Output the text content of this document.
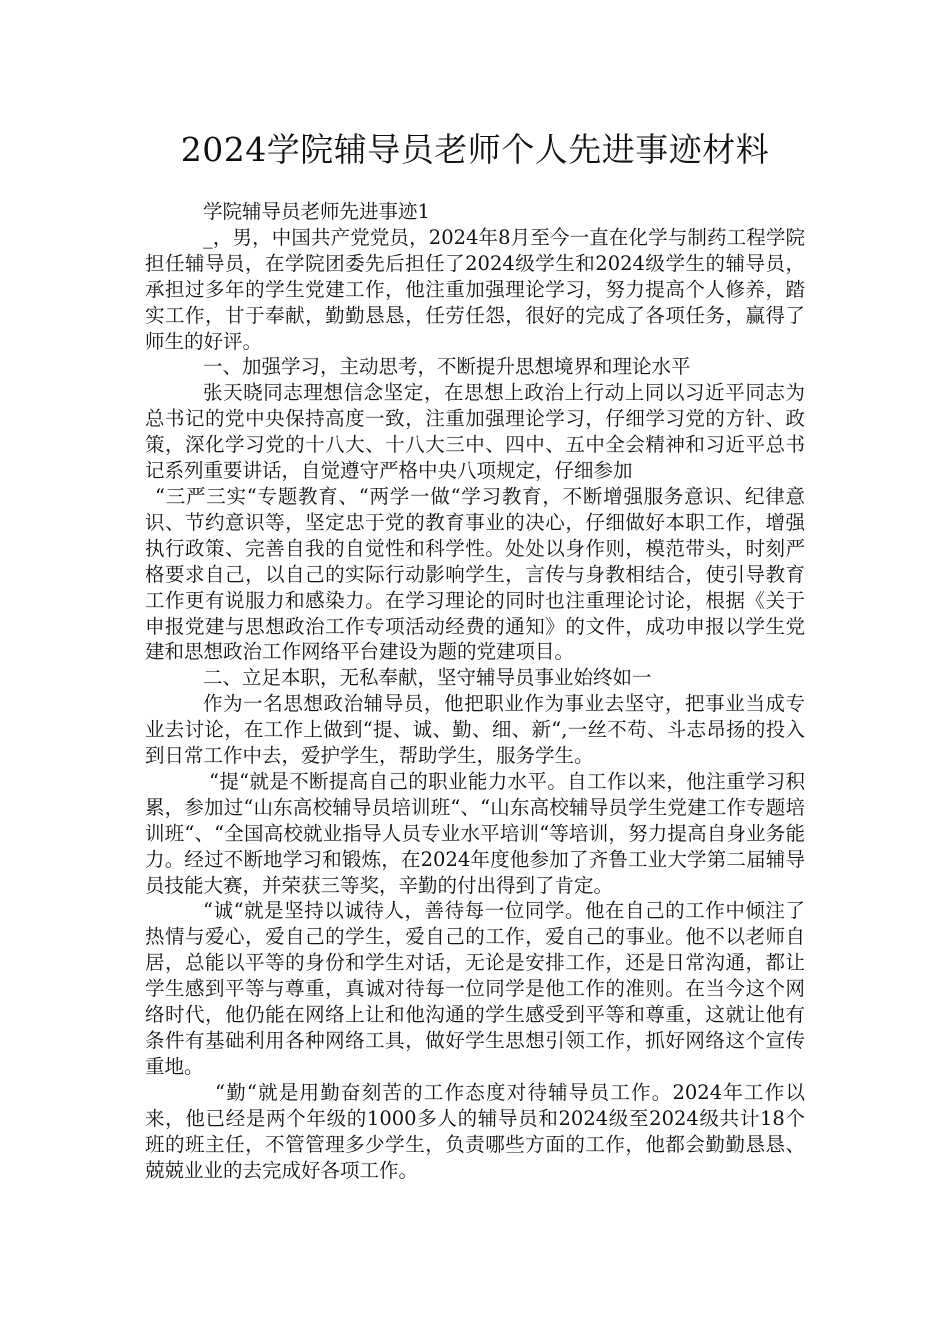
2024学院辅导员老师个人先进事迹材料

学院辅导员老师先进事迹1

_，男，中国共产党党员，2024年8月至今一直在化学与制药工程学院担任辅导员，在学院团委先后担任了2024级学生和2024级学生的辅导员，承担过多年的学生党建工作，他注重加强理论学习，努力提高个人修养，踏实工作，甘于奉献，勤勤恳恳，任劳任怨，很好的完成了各项任务，赢得了师生的好评。

一、加强学习，主动思考，不断提升思想境界和理论水平

张天晓同志理想信念坚定，在思想上政治上行动上同以习近平同志为总书记的党中央保持高度一致，注重加强理论学习，仔细学习党的方针、政策，深化学习党的十八大、十八大三中、四中、五中全会精神和习近平总书记系列重要讲话，自觉遵守严格中央八项规定，仔细参加

“三严三实“专题教育、“两学一做“学习教育，不断增强服务意识、纪律意识、节约意识等，坚定忠于党的教育事业的决心，仔细做好本职工作，增强执行政策、完善自我的自觉性和科学性。处处以身作则，模范带头，时刻严格要求自己，以自己的实际行动影响学生，言传与身教相结合，使引导教育工作更有说服力和感染力。在学习理论的同时也注重理论讨论，根据《关于申报党建与思想政治工作专项活动经费的通知》的文件，成功申报以学生党建和思想政治工作网络平台建设为题的党建项目。

二、立足本职，无私奉献，坚守辅导员事业始终如一

作为一名思想政治辅导员，他把职业作为事业去坚守，把事业当成专业去讨论，在工作上做到“提、诚、勤、细、新“,一丝不苟、斗志昂扬的投入到日常工作中去，爱护学生，帮助学生，服务学生。

“提“就是不断提高自己的职业能力水平。自工作以来，他注重学习积累，参加过“山东高校辅导员培训班“、“山东高校辅导员学生党建工作专题培训班“、“全国高校就业指导人员专业水平培训“等培训，努力提高自身业务能力。经过不断地学习和锻炼，在2024年度他参加了齐鲁工业大学第二届辅导员技能大赛，并荣获三等奖，辛勤的付出得到了肯定。

“诚“就是坚持以诚待人，善待每一位同学。他在自己的工作中倾注了热情与爱心，爱自己的学生，爱自己的工作，爱自己的事业。他不以老师自居，总能以平等的身份和学生对话，无论是安排工作，还是日常沟通，都让学生感到平等与尊重，真诚对待每一位同学是他工作的准则。在当今这个网络时代，他仍能在网络上让和他沟通的学生感受到平等和尊重，这就让他有条件有基础利用各种网络工具，做好学生思想引领工作，抓好网络这个宣传重地。

“勤“就是用勤奋刻苦的工作态度对待辅导员工作。2024年工作以来，他已经是两个年级的1000多人的辅导员和2024级至2024级共计18个班的班主任，不管管理多少学生，负责哪些方面的工作，他都会勤勤恳恳、兢兢业业的去完成好各项工作。
